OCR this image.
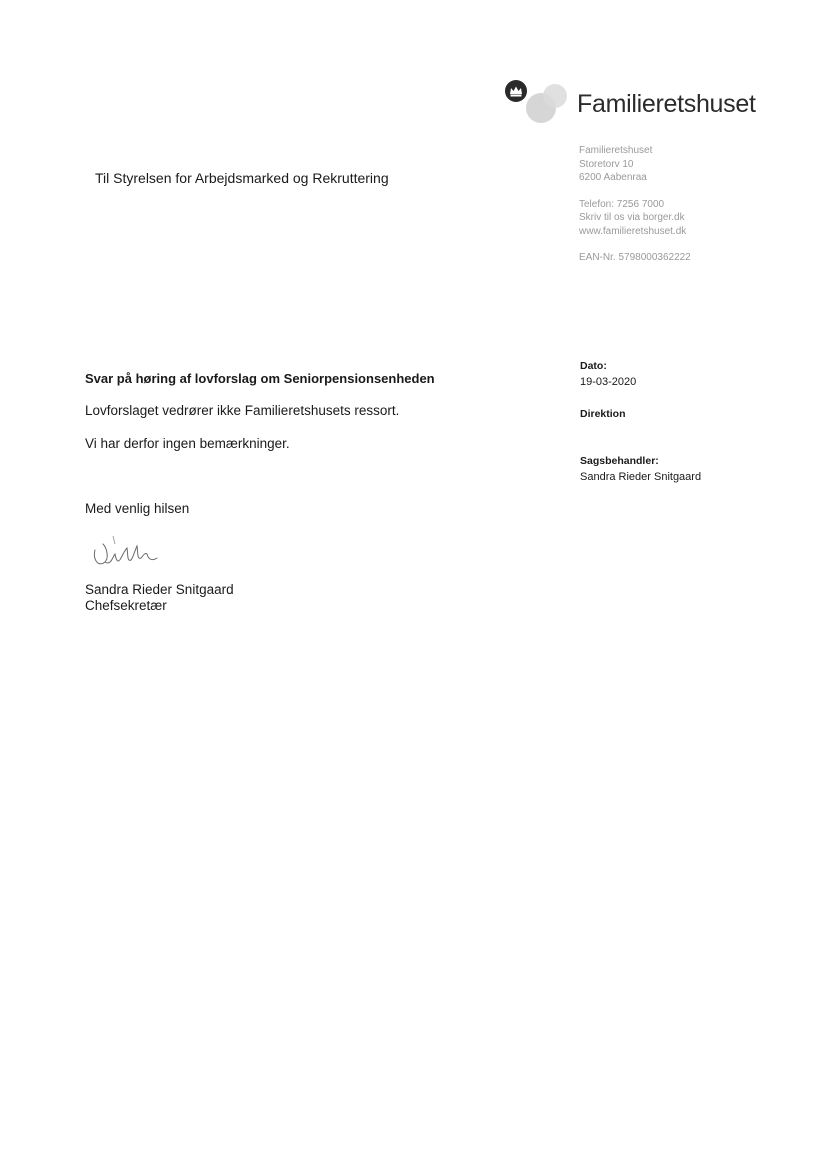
Familieretshuset
Familieretshuset
Storetorv 10
6200 Aabenraa
Telefon: 7256 7000
Skriv til os via borger.dk
www.familieretshuset.dk
EAN-Nr. 5798000362222

Til Styrelsen for Arbejdsmarked og Rekruttering

Dato:

19-03-2020

Direktion

Sagsbehandler:

Sandra Rieder Snitgaard

Svar på høring af lovforslag om Seniorpensionsenheden

Lovforslaget vedrører ikke Familieretshusets ressort.

Vi har derfor ingen bemærkninger.

Med venlig hilsen

Sandra Rieder Snitgaard

Chefsekretær
